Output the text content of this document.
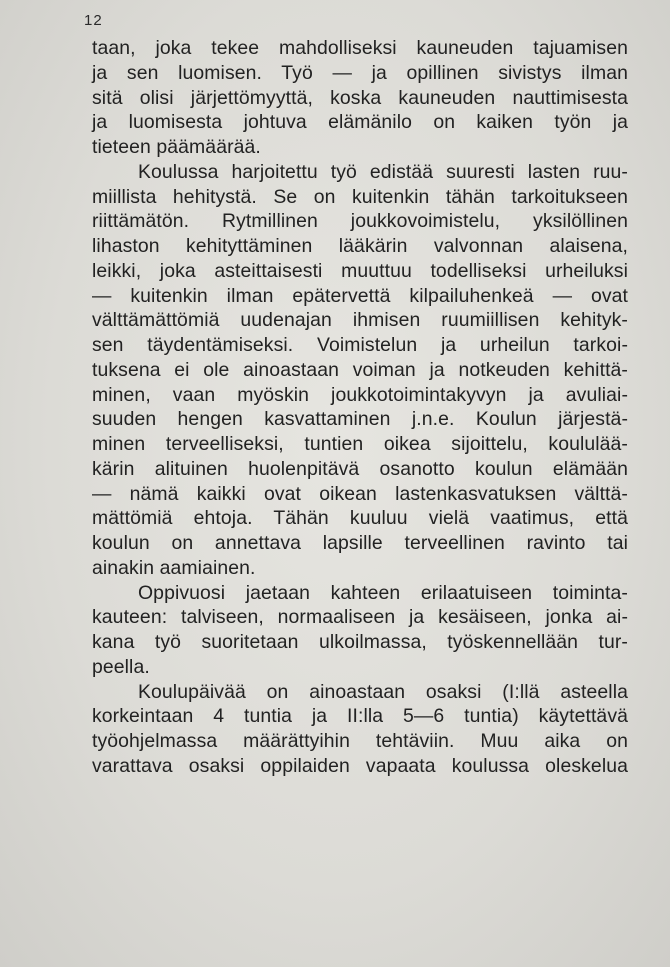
12
taan, joka tekee mahdolliseksi kauneuden tajuamisen
ja sen luomisen. Työ — ja opillinen sivistys ilman
sitä olisi järjettömyyttä, koska kauneuden nauttimisesta
ja luomisesta johtuva elämänilo on kaiken työn ja
tieteen päämäärää.
Koulussa harjoitettu työ edistää suuresti lasten ruu-
miillista hehitystä. Se on kuitenkin tähän tarkoitukseen
riittämätön. Rytmillinen joukkovoimistelu, yksilöllinen
lihaston kehityttäminen lääkärin valvonnan alaisena,
leikki, joka asteittaisesti muuttuu todelliseksi urheiluksi
— kuitenkin ilman epätervettä kilpailuhenkeä — ovat
välttämättömiä uudenajan ihmisen ruumiillisen kehityk-
sen täydentämiseksi. Voimistelun ja urheilun tarkoi-
tuksena ei ole ainoastaan voiman ja notkeuden kehittä-
minen, vaan myöskin joukkotoimintakyvyn ja avuliai-
suuden hengen kasvattaminen j.n.e. Koulun järjestä-
minen terveelliseksi, tuntien oikea sijoittelu, koululää-
kärin alituinen huolenpitävä osanotto koulun elämään
— nämä kaikki ovat oikean lastenkasvatuksen välttä-
mättömiä ehtoja. Tähän kuuluu vielä vaatimus, että
koulun on annettava lapsille terveellinen ravinto tai
ainakin aamiainen.
Oppivuosi jaetaan kahteen erilaatuiseen toiminta-
kauteen: talviseen, normaaliseen ja kesäiseen, jonka ai-
kana työ suoritetaan ulkoilmassa, työskennellään tur-
peella.
Koulupäivää on ainoastaan osaksi (I:llä asteella
korkeintaan 4 tuntia ja II:lla 5—6 tuntia) käytettävä
työohjelmassa määrättyihin tehtäviin. Muu aika on
varattava osaksi oppilaiden vapaata koulussa oleskelua
